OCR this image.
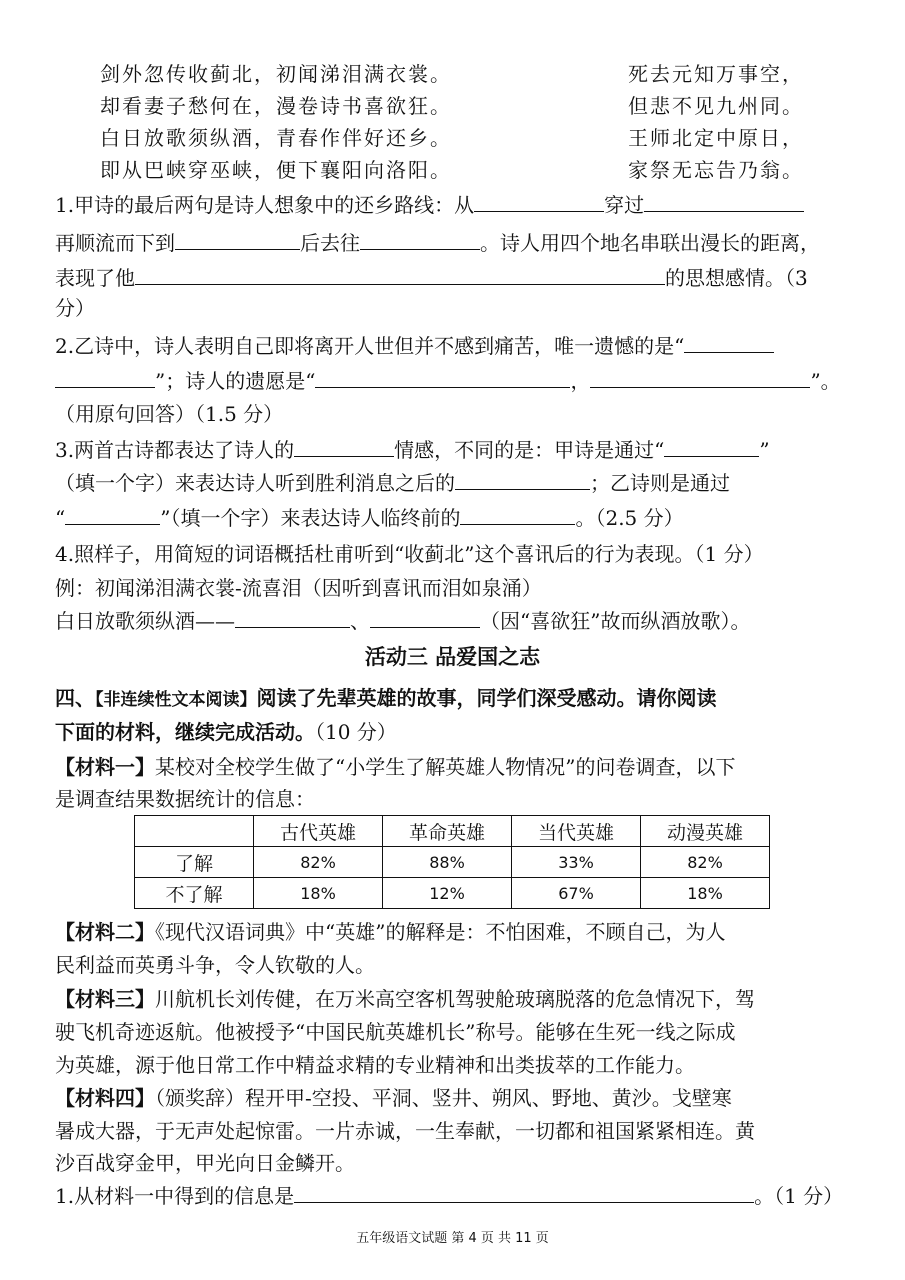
剑外忽传收蓟北，初闻涕泪满衣裳。	死去元知万事空，
却看妻子愁何在，漫卷诗书喜欲狂。	但悲不见九州同。
白日放歌须纵酒，青春作伴好还乡。	王师北定中原日，
即从巴峡穿巫峡，便下襄阳向洛阳。	家祭无忘告乃翁。
1.甲诗的最后两句是诗人想象中的还乡路线：从	穿过
再顺流而下到	后去往	。诗人用四个地名串联出漫长的距离，
表现了他	的思想感情。（3
分）
2.乙诗中，诗人表明自己即将离开人世但并不感到痛苦，唯一遗憾的是“
”；诗人的遗愿是“	，	”。
（用原句回答）（1.5 分）
3.两首古诗都表达了诗人的	情感，不同的是：甲诗是通过“	”
（填一个字）来表达诗人听到胜利消息之后的	；乙诗则是通过
“	”（填一个字）来表达诗人临终前的	。（2.5 分）
4.照样子，用简短的词语概括杜甫听到“收蓟北”这个喜讯后的行为表现。（1 分）
例：初闻涕泪满衣裳-流喜泪（因听到喜讯而泪如泉涌）
白日放歌须纵酒——	、	（因“喜欲狂”故而纵酒放歌）。
活动三 品爱国之志
四、【非连续性文本阅读】阅读了先辈英雄的故事，同学们深受感动。请你阅读
下面的材料，继续完成活动。（10 分）
【材料一】某校对全校学生做了“小学生了解英雄人物情况”的问卷调查，以下
是调查结果数据统计的信息：
	古代英雄	革命英雄	当代英雄	动漫英雄
了解	82%	88%	33%	82%
不了解	18%	12%	67%	18%
【材料二】《现代汉语词典》中“英雄”的解释是：不怕困难，不顾自己，为人
民利益而英勇斗争，令人钦敬的人。
【材料三】川航机长刘传健，在万米高空客机驾驶舱玻璃脱落的危急情况下，驾
驶飞机奇迹返航。他被授予“中国民航英雄机长”称号。能够在生死一线之际成
为英雄，源于他日常工作中精益求精的专业精神和出类拔萃的工作能力。
【材料四】（颁奖辞）程开甲-空投、平洞、竖井、朔风、野地、黄沙。戈壁寒
暑成大器，于无声处起惊雷。一片赤诚，一生奉献，一切都和祖国紧紧相连。黄
沙百战穿金甲，甲光向日金鳞开。
1.从材料一中得到的信息是	。（1 分）
五年级语文试题 第 4 页 共 11 页
